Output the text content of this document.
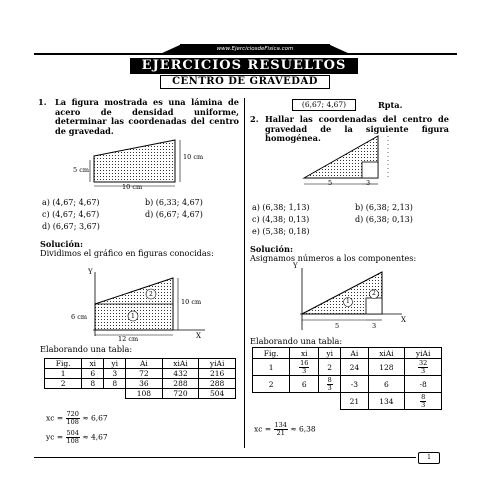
www.EjerciciosdeFisica.com
EJERCICIOS RESUELTOS
CENTRO DE GRAVEDAD
1. La figura mostrada es una lámina de acero de densidad uniforme, determinar las coordenadas del centro de gravedad.
5 cm
10 cm
10 cm
a) (4,67; 4,67)	b) (6,33; 4,67)
c) (4,67; 4,67)	d) (6,67; 4,67)
d) (6,67; 3,67)
Solución:
Dividimos el gráfico en figuras conocidas:
Y
X
6 cm
10 cm
12 cm
1
2
Elaborando una tabla:
Fig.	xi	yi	Ai	xiAi	yiAi
1	6	3	72	432	216
2	8	8	36	288	288
			108	720	504
xc = $\frac{720}{108} \approx 6,67$
yc = $\frac{504}{108} \approx 4,67$
(6,67; 4,67)	Rpta.
2. Hallar las coordenadas del centro de gravedad de la siguiente figura homogénea.
5	3
a) (6,38; 1,13)	b) (6,38; 2,13)
c) (4,38; 0,13)	d) (6,38; 0,13)
e) (5,38; 0,18)
Solución:
Asignamos números a los componentes:
Y
X
5	3
1
2
Elaborando una tabla:
Fig.	xi	yi	Ai	xiAi	yiAi
1	$\frac{16}{3}$	2	24	128	$\frac{32}{3}$

2	6	$\frac{8}{3}$	-3	6	-8
			21	134	$\frac{8}{3}$
xc = $\frac{134}{21} \approx 6,38$
1
